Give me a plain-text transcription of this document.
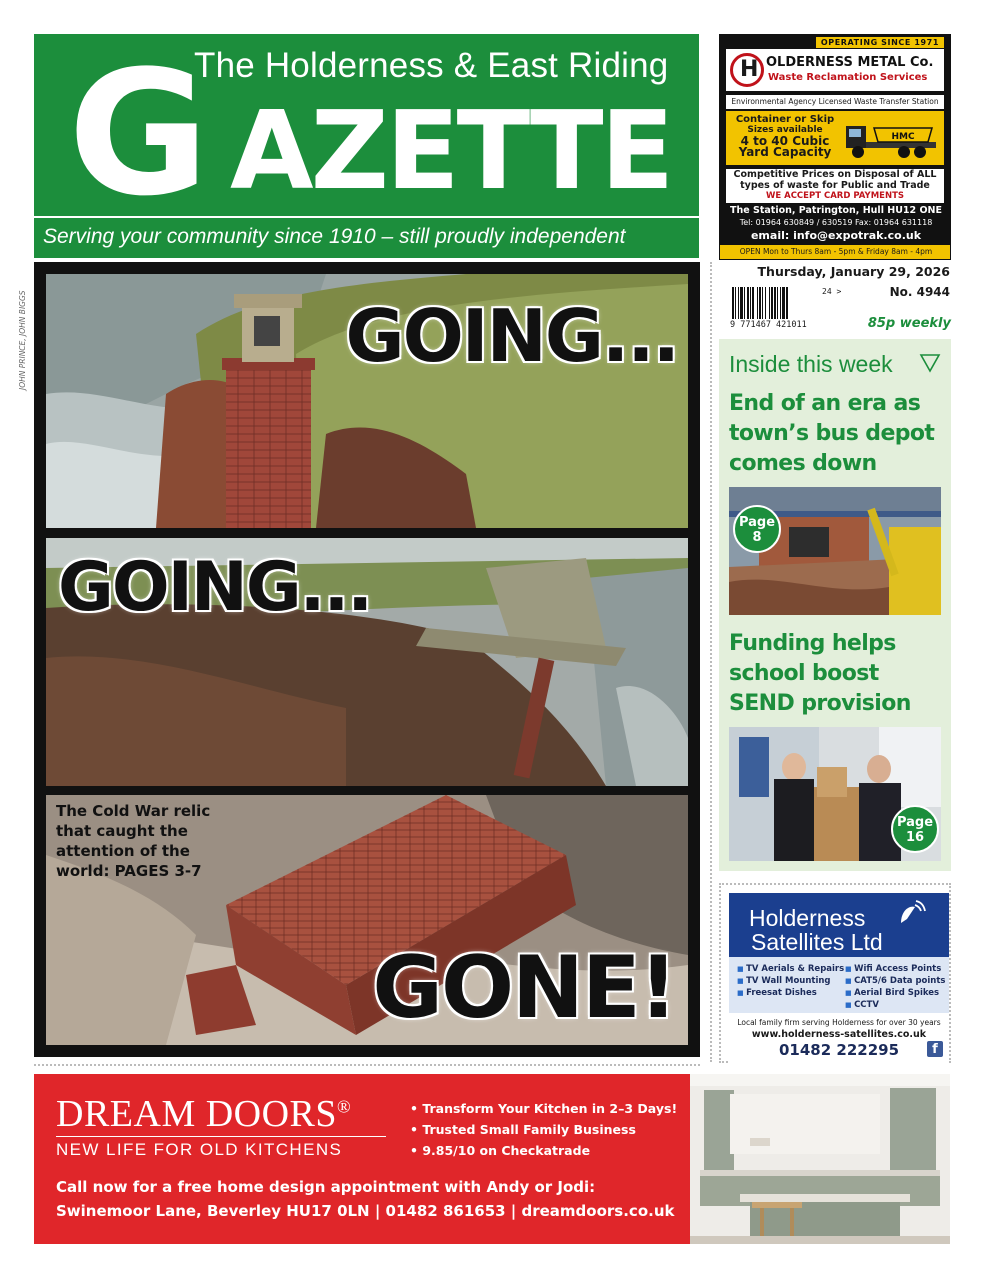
The Holderness & East Riding
G AZETTE
Serving your community since 1910 – still proudly independent
OPERATING SINCE 1971
H OLDERNESS METAL Co.
Waste Reclamation Services
Environmental Agency Licensed Waste Transfer Station
Container or Skip
Sizes available
4 to 40 Cubic
Yard Capacity
HMC
Competitive Prices on Disposal of ALL types of waste for Public and Trade
WE ACCEPT CARD PAYMENTS
The Station, Patrington, Hull HU12 ONE
Tel: 01964 630849 / 630519 Fax: 01964 631118
email: info@expotrak.co.uk
OPEN Mon to Thurs 8am - 5pm & Friday 8am - 4pm
Thursday, January 29, 2026
No. 4944
24 >
9 771467 421011	85p weekly
JOHN PRINCE, JOHN BIGGS	GOING...
GOING...
The Cold War relic that caught the attention of the world: PAGES 3-7
GONE!
Inside this week
End of an era as town’s bus depot comes down
Page
8
Funding helps school boost SEND provision
Page
16
Holderness
Satellites Ltd
■ TV Aerials & Repairs
■ TV Wall Mounting
■ Freesat Dishes
■ Wifi Access Points
■ CAT5/6 Data points
■ Aerial Bird Spikes
■ CCTV
Local family firm serving Holderness for over 30 years
www.holderness-satellites.co.uk
01482 222295	f
DREAM DOORS®
NEW LIFE FOR OLD KITCHENS
• Transform Your Kitchen in 2–3 Days!
• Trusted Small Family Business
• 9.85/10 on Checkatrade
Call now for a free home design appointment with Andy or Jodi:
Swinemoor Lane, Beverley HU17 0LN | 01482 861653 | dreamdoors.co.uk
